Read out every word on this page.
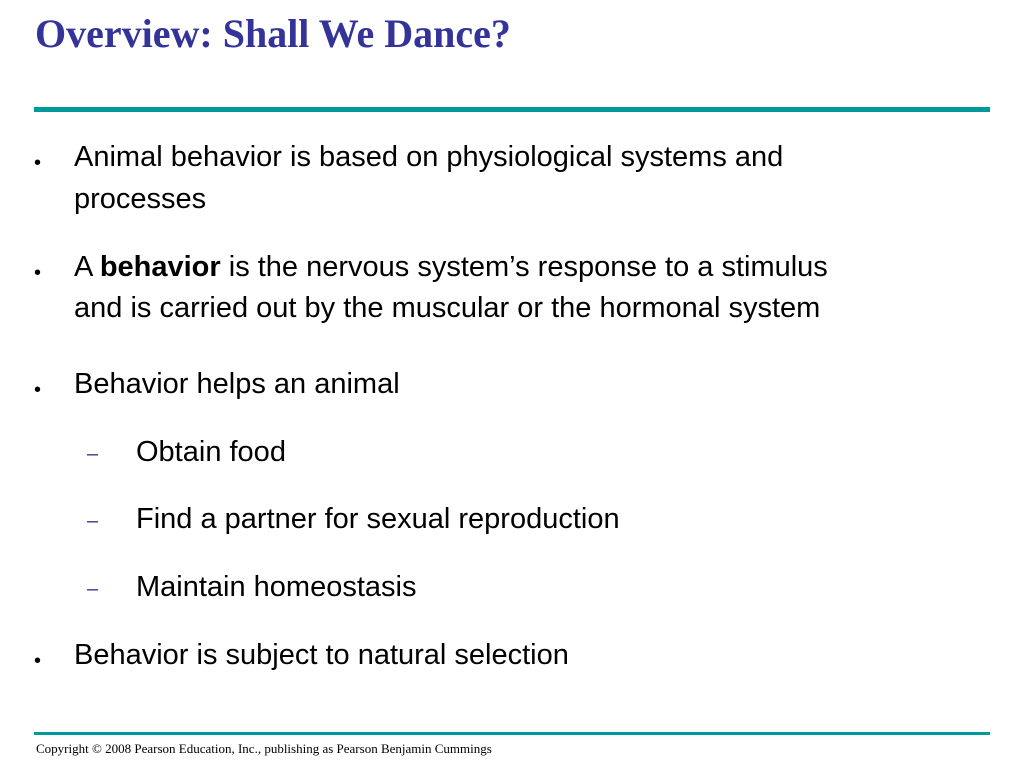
Overview: Shall We Dance?
• Animal behavior is based on physiological systems and
processes
• A behavior is the nervous system’s response to a stimulus
and is carried out by the muscular or the hormonal system
• Behavior helps an animal
– Obtain food
– Find a partner for sexual reproduction
– Maintain homeostasis
• Behavior is subject to natural selection
Copyright © 2008 Pearson Education, Inc., publishing as Pearson Benjamin Cummings
